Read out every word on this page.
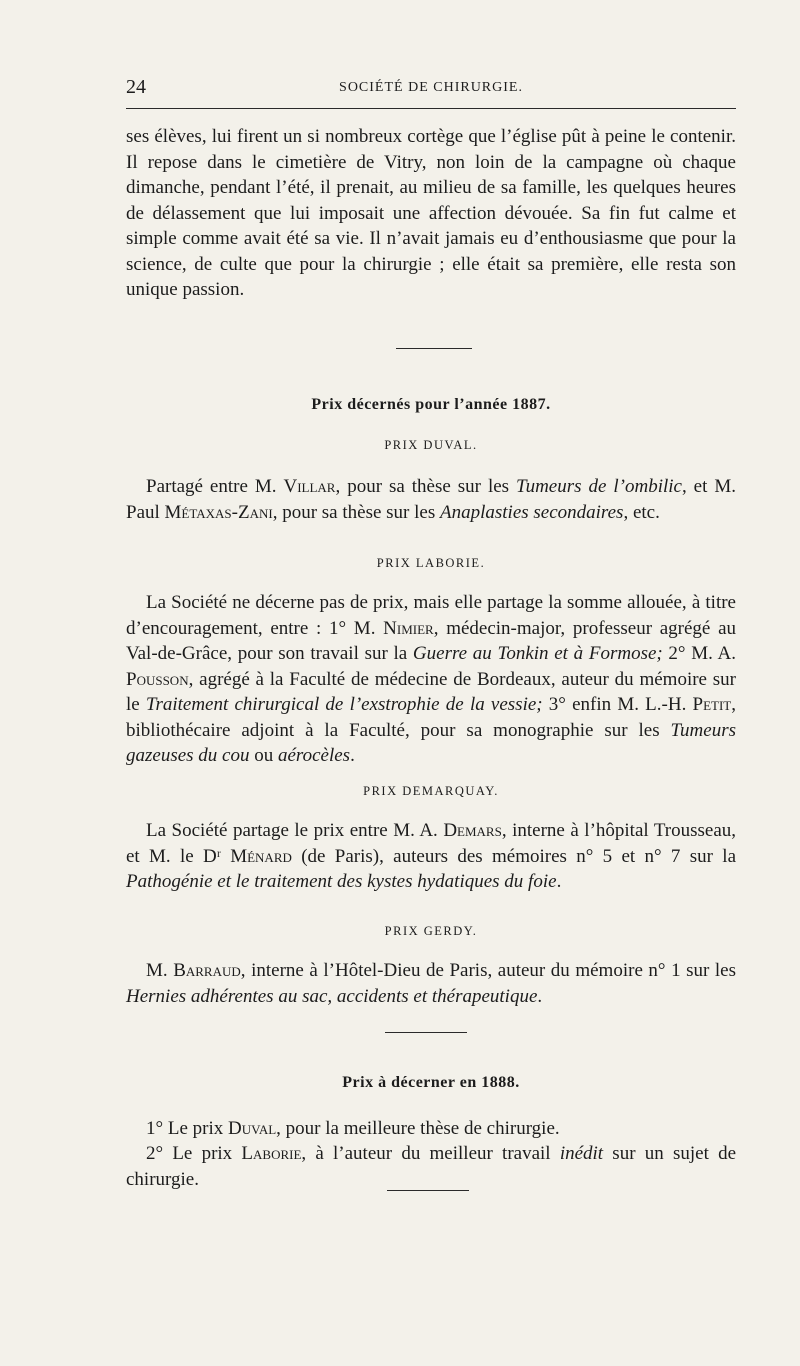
24	SOCIÉTÉ DE CHIRURGIE.

ses élèves, lui firent un si nombreux cortège que l’église pût à peine le contenir. Il repose dans le cimetière de Vitry, non loin de la campagne où chaque dimanche, pendant l’été, il prenait, au milieu de sa famille, les quelques heures de délassement que lui imposait une affection dévouée. Sa fin fut calme et simple comme avait été sa vie. Il n’avait jamais eu d’enthousiasme que pour la science, de culte que pour la chirurgie ; elle était sa première, elle resta son unique passion.

Prix décernés pour l’année 1887.
PRIX DUVAL.

Partagé entre M. Villar, pour sa thèse sur les Tumeurs de l’ombilic, et M. Paul Métaxas-Zani, pour sa thèse sur les Anaplasties secondaires, etc.

PRIX LABORIE.

La Société ne décerne pas de prix, mais elle partage la somme allouée, à titre d’encouragement, entre : 1° M. Nimier, médecin-major, professeur agrégé au Val-de-Grâce, pour son travail sur la Guerre au Tonkin et à Formose; 2° M. A. Pousson, agrégé à la Faculté de médecine de Bordeaux, auteur du mémoire sur le Traitement chirurgical de l’exstrophie de la vessie; 3° enfin M. L.-H. Petit, bibliothécaire adjoint à la Faculté, pour sa monographie sur les Tumeurs gazeuses du cou ou aérocèles.

PRIX DEMARQUAY.

La Société partage le prix entre M. A. Demars, interne à l’hôpital Trousseau, et M. le Dʳ Ménard (de Paris), auteurs des mémoires n° 5 et n° 7 sur la Pathogénie et le traitement des kystes hydatiques du foie.

PRIX GERDY.

M. Barraud, interne à l’Hôtel-Dieu de Paris, auteur du mémoire n° 1 sur les Hernies adhérentes au sac, accidents et thérapeutique.

Prix à décerner en 1888.

1° Le prix Duval, pour la meilleure thèse de chirurgie.

2° Le prix Laborie, à l’auteur du meilleur travail inédit sur un sujet de chirurgie.
